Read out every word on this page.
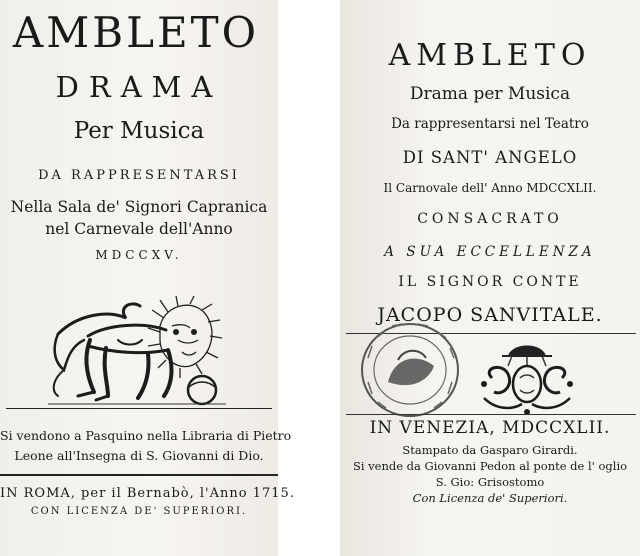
AMBLETO

DRAMA

Per Musica

DA RAPPRESENTARSI

Nella Sala de' Signori Capranica

nel Carnevale dell'Anno

MDCCXV.

Si vendono a Pasquino nella Libraria di Pietro

Leone all'Insegna di S. Giovanni di Dio.

IN ROMA, per il Bernabò, l'Anno 1715.

CON LICENZA DE' SUPERIORI.

AMBLETO

Drama per Musica

Da rappresentarsi nel Teatro

DI SANT' ANGELO

Il Carnovale dell' Anno MDCCXLII.

CONSACRATO

A SUA ECCELLENZA

IL SIGNOR CONTE

JACOPO SANVITALE.

IN VENEZIA, MDCCXLII.

Stampato da Gasparo Girardi.

Si vende da Giovanni Pedon al ponte de l' oglio

S. Gio: Grisostomo

Con Licenza de' Superiori.
